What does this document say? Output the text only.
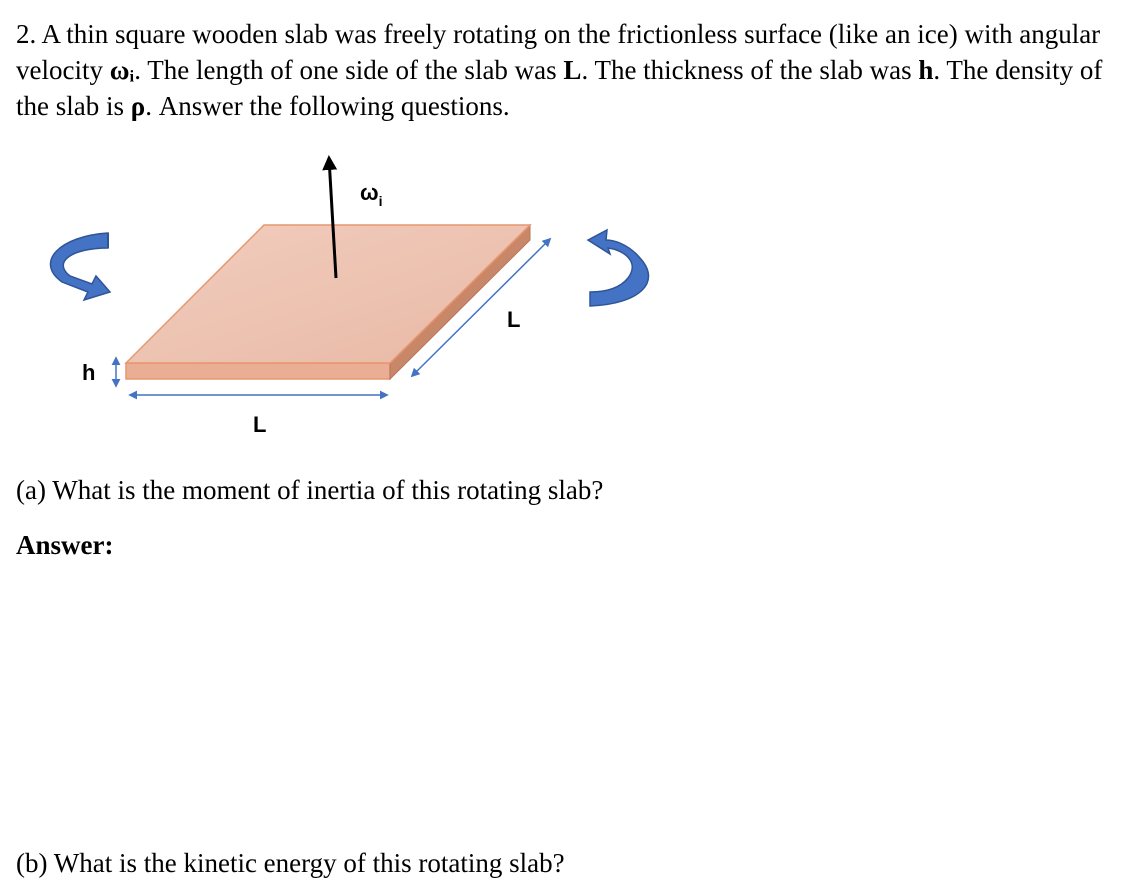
2. A thin square wooden slab was freely rotating on the frictionless surface (like an ice) with angular velocity ωᵢ. The length of one side of the slab was L. The thickness of the slab was h. The density of the slab is ρ. Answer the following questions.
$\omega_i$
L
L
h
(a) What is the moment of inertia of this rotating slab?
Answer:
(b) What is the kinetic energy of this rotating slab?
